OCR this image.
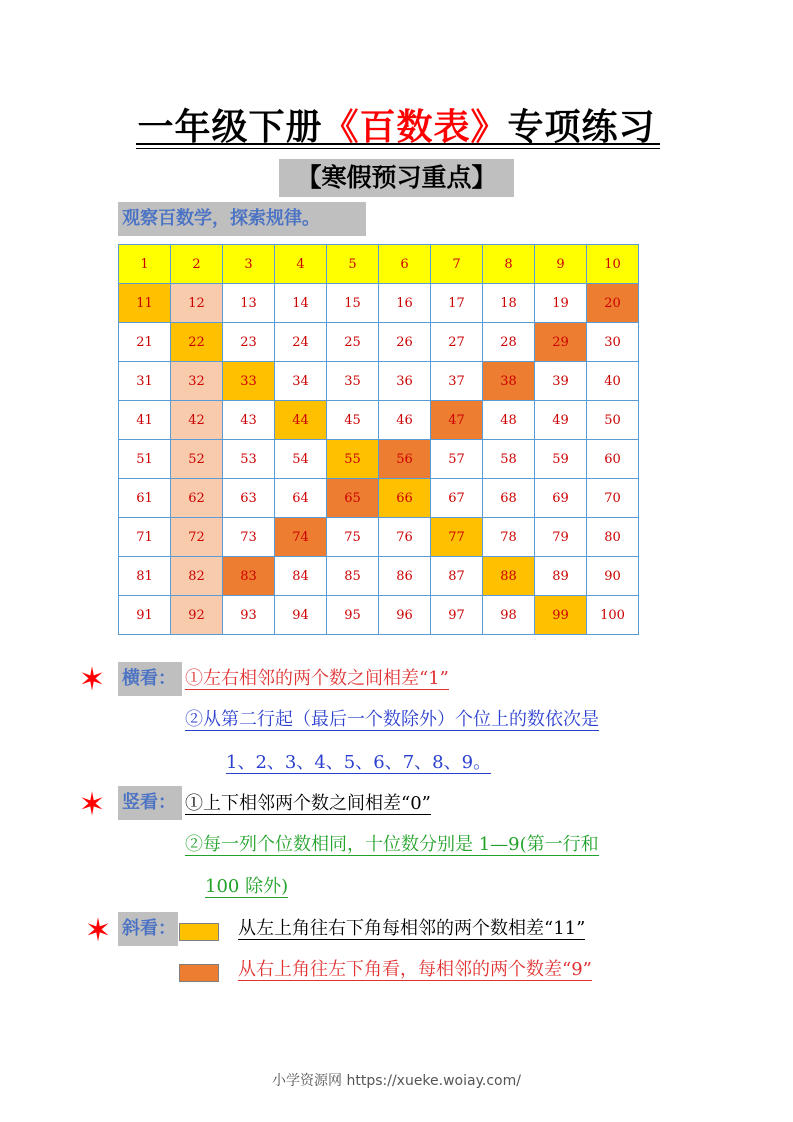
一年级下册《百数表》专项练习
【寒假预习重点】
观察百数学，探索规律。
1	2	3	4	5	6	7	8	9	10
11	12	13	14	15	16	17	18	19	20
21	22	23	24	25	26	27	28	29	30
31	32	33	34	35	36	37	38	39	40
41	42	43	44	45	46	47	48	49	50
51	52	53	54	55	56	57	58	59	60
61	62	63	64	65	66	67	68	69	70
71	72	73	74	75	76	77	78	79	80
81	82	83	84	85	86	87	88	89	90
91	92	93	94	95	96	97	98	99	100
✶ 横看： ①左右相邻的两个数之间相差“1”
②从第二行起（最后一个数除外）个位上的数依次是
1、2、3、4、5、6、7、8、9。
✶ 竖看： ①上下相邻两个数之间相差“0”
②每一列个位数相同，十位数分别是 1—9(第一行和
100 除外)
✶ 斜看：	从左上角往右下角每相邻的两个数相差“11”
从右上角往左下角看，每相邻的两个数差“9”
小学资源网 https://xueke.woiay.com/
